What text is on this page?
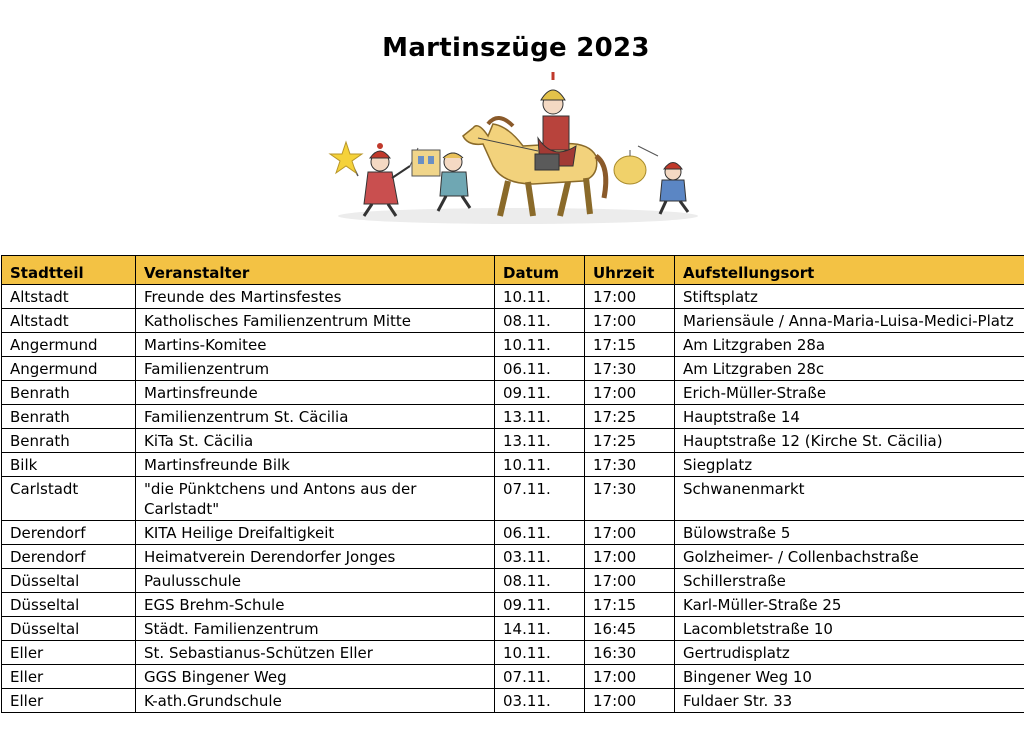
Martinszüge 2023
Stadtteil	Veranstalter	Datum	Uhrzeit	Aufstellungsort
Altstadt	Freunde des Martinsfestes	10.11.	17:00	Stiftsplatz
Altstadt	Katholisches Familienzentrum Mitte	08.11.	17:00	Mariensäule / Anna-Maria-Luisa-Medici-Platz
Angermund	Martins-Komitee	10.11.	17:15	Am Litzgraben 28a
Angermund	Familienzentrum	06.11.	17:30	Am Litzgraben 28c
Benrath	Martinsfreunde	09.11.	17:00	Erich-Müller-Straße
Benrath	Familienzentrum St. Cäcilia	13.11.	17:25	Hauptstraße 14
Benrath	KiTa St. Cäcilia	13.11.	17:25	Hauptstraße 12 (Kirche St. Cäcilia)
Bilk	Martinsfreunde Bilk	10.11.	17:30	Siegplatz
Carlstadt	"die Pünktchens und Antons aus der Carlstadt"	07.11.	17:30	Schwanenmarkt
Derendorf	KITA Heilige Dreifaltigkeit	06.11.	17:00	Bülowstraße 5
Derendorf	Heimatverein Derendorfer Jonges	03.11.	17:00	Golzheimer- / Collenbachstraße
Düsseltal	Paulusschule	08.11.	17:00	Schillerstraße
Düsseltal	EGS Brehm-Schule	09.11.	17:15	Karl-Müller-Straße 25
Düsseltal	Städt. Familienzentrum	14.11.	16:45	Lacombletstraße 10
Eller	St. Sebastianus-Schützen Eller	10.11.	16:30	Gertrudisplatz
Eller	GGS Bingener Weg	07.11.	17:00	Bingener Weg 10
Eller	K-ath.Grundschule	03.11.	17:00	Fuldaer Str. 33
